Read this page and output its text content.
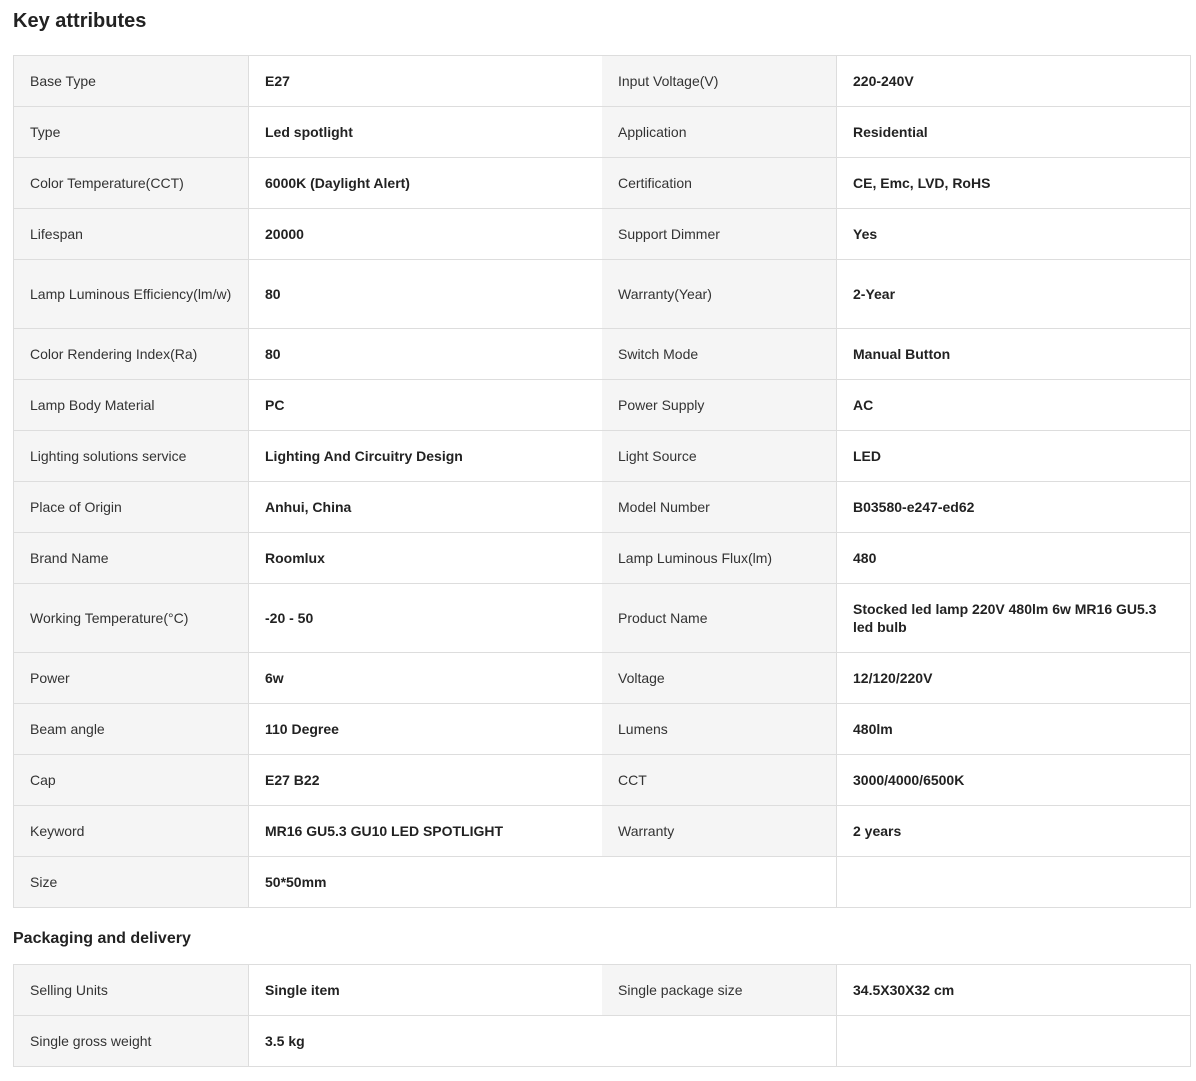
Key attributes
Base Type	E27	Input Voltage(V)	220-240V
Type	Led spotlight	Application	Residential
Color Temperature(CCT)	6000K (Daylight Alert)	Certification	CE, Emc, LVD, RoHS
Lifespan	20000	Support Dimmer	Yes
Lamp Luminous Efficiency(lm/w)	80	Warranty(Year)	2-Year
Color Rendering Index(Ra)	80	Switch Mode	Manual Button
Lamp Body Material	PC	Power Supply	AC
Lighting solutions service	Lighting And Circuitry Design	Light Source	LED
Place of Origin	Anhui, China	Model Number	B03580-e247-ed62
Brand Name	Roomlux	Lamp Luminous Flux(lm)	480
Working Temperature(°C)	-20 - 50	Product Name
Stocked led lamp 220V 480lm 6w MR16 GU5.3 led bulb
Power	6w	Voltage	12/120/220V
Beam angle	110 Degree	Lumens	480lm
Cap	E27 B22	CCT	3000/4000/6500K
Keyword	MR16 GU5.3 GU10 LED SPOTLIGHT	Warranty	2 years
Size	50*50mm
Packaging and delivery
Selling Units	Single item	Single package size	34.5X30X32 cm
Single gross weight	3.5 kg
